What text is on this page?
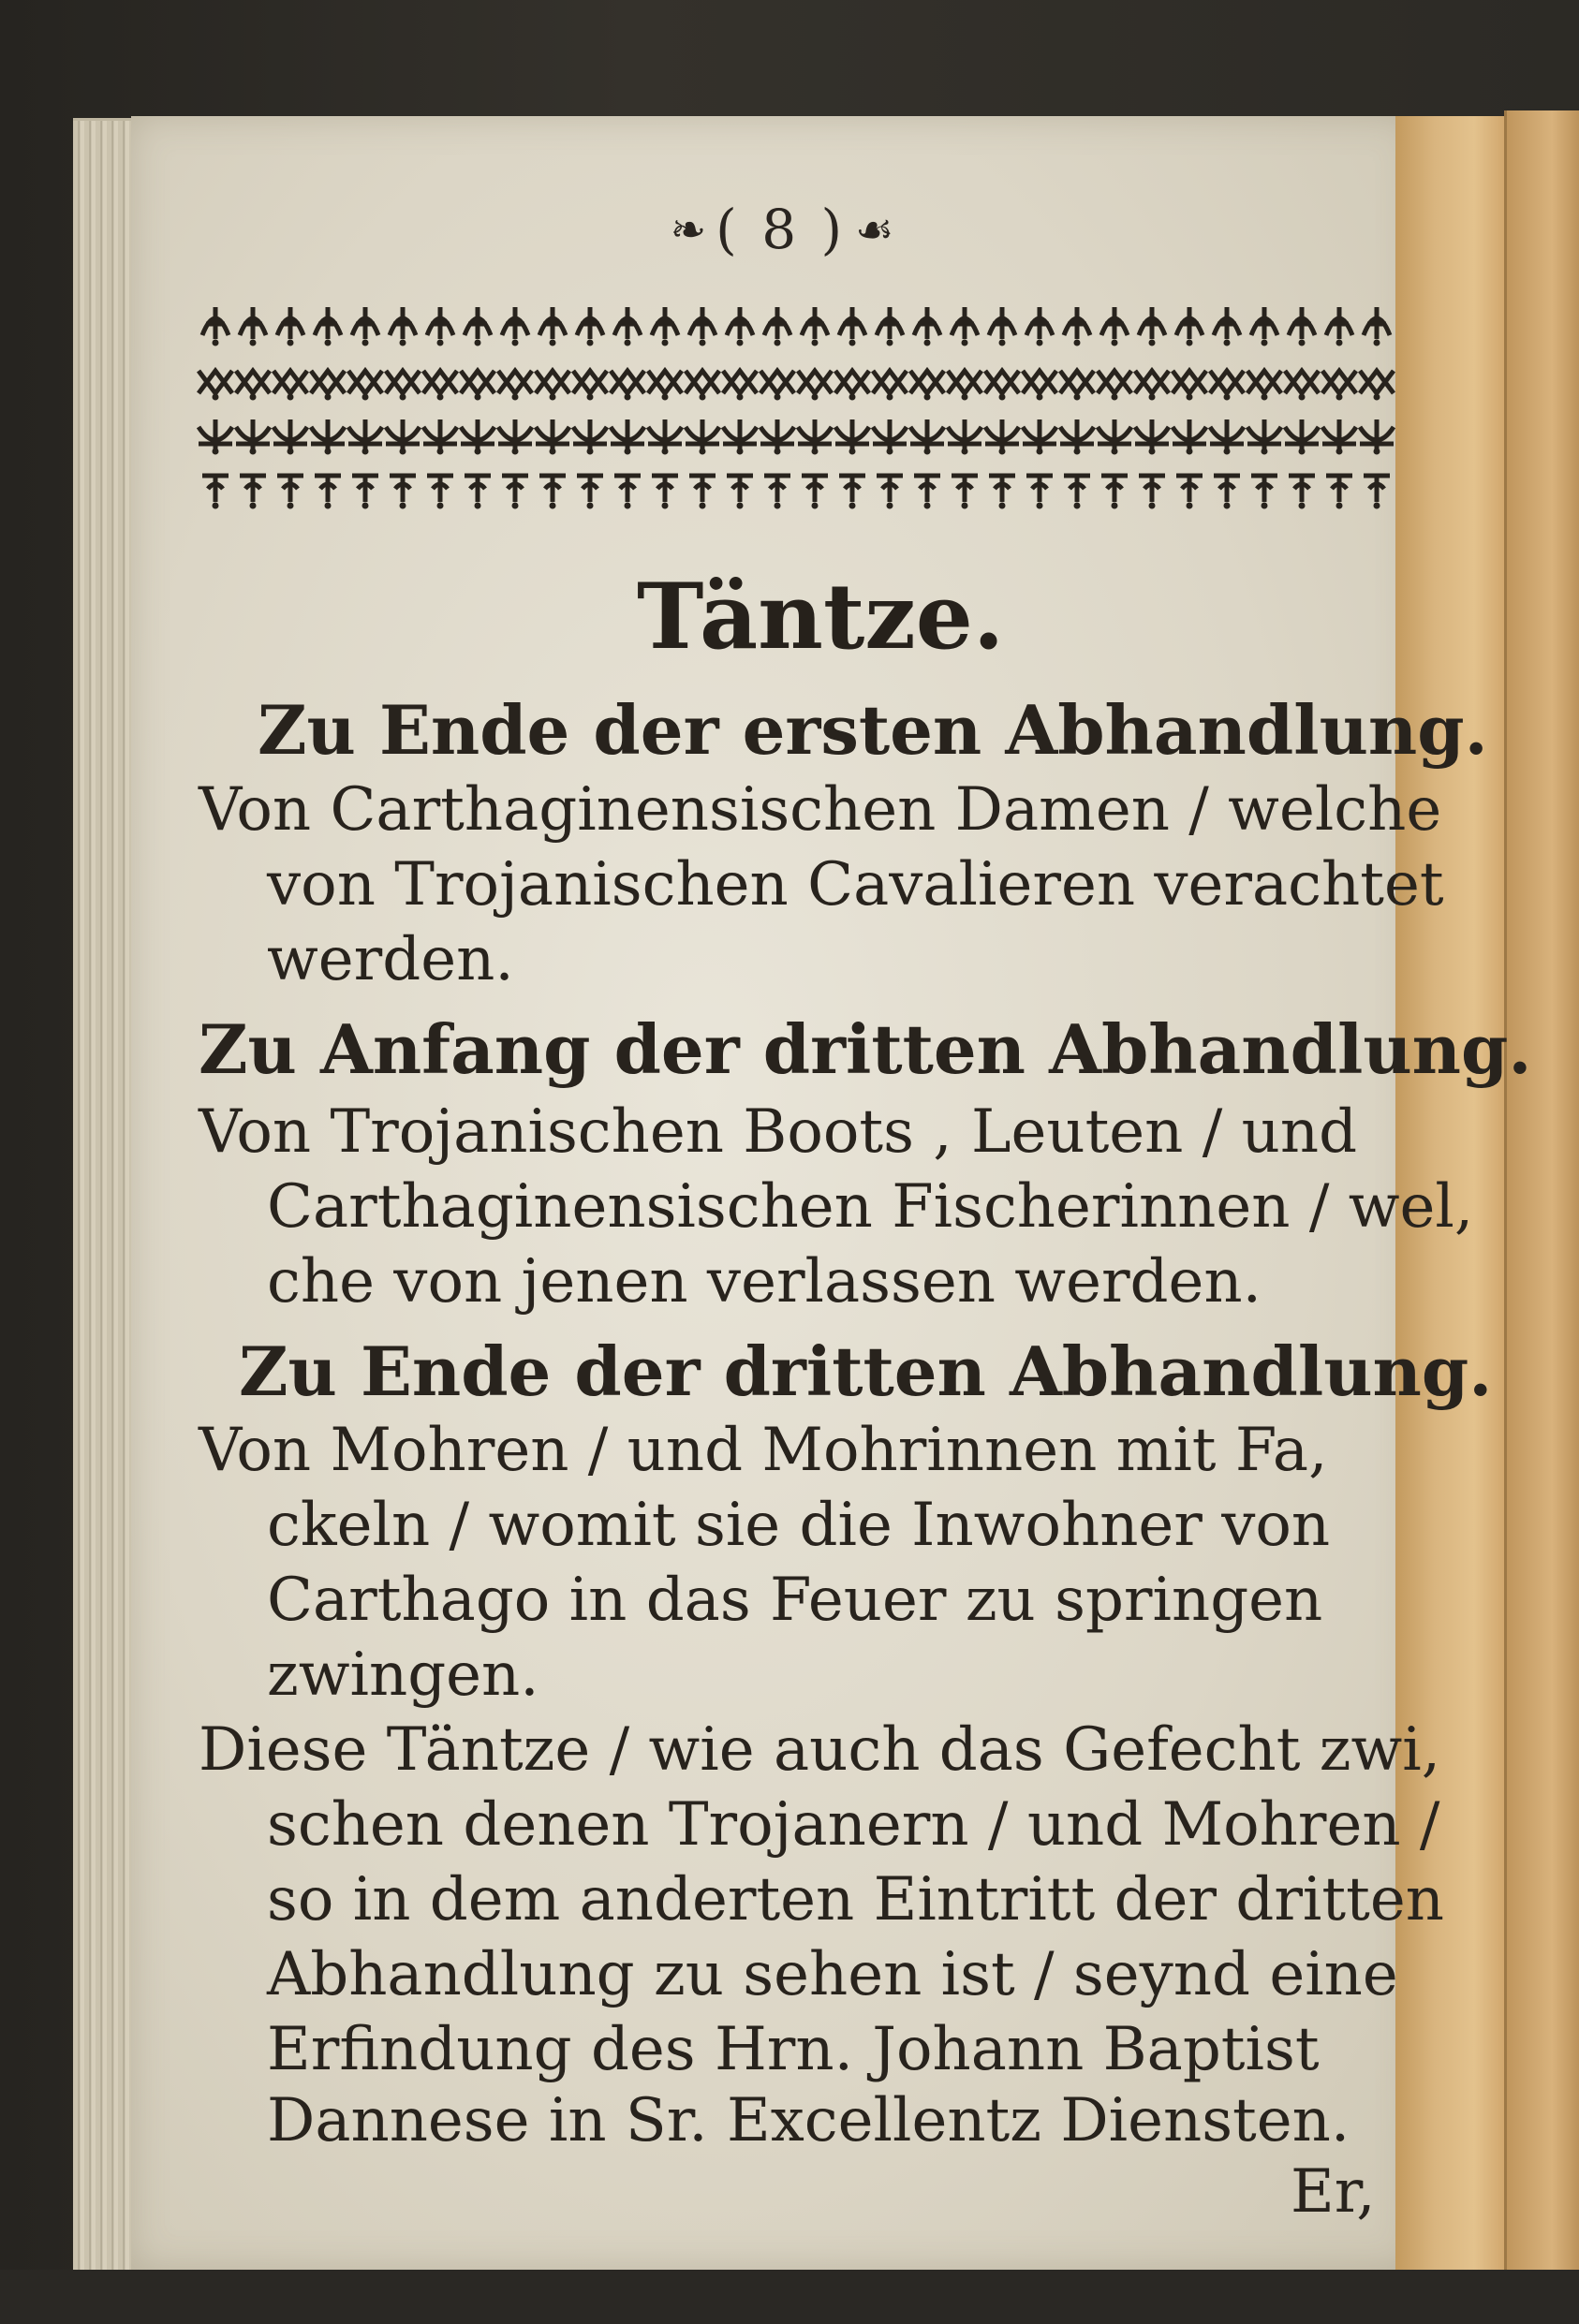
❧ ( 8 ) ☙
Täntze.
Zu Ende der ersten Abhandlung.
Von Carthaginensischen Damen / welche
von Trojanischen Cavalieren verachtet
werden.
Zu Anfang der dritten Abhandlung.
Von Trojanischen Boots , Leuten / und
Carthaginensischen Fischerinnen / wel,
che von jenen verlassen werden.
Zu Ende der dritten Abhandlung.
Von Mohren / und Mohrinnen mit Fa,
ckeln / womit sie die Inwohner von
Carthago in das Feuer zu springen
zwingen.
Diese Täntze / wie auch das Gefecht zwi,
schen denen Trojanern / und Mohren /
so in dem anderten Eintritt der dritten
Abhandlung zu sehen ist / seynd eine
Erfindung des Hrn. Johann Baptist
Dannese in Sr. Excellentz Diensten.
Er,
